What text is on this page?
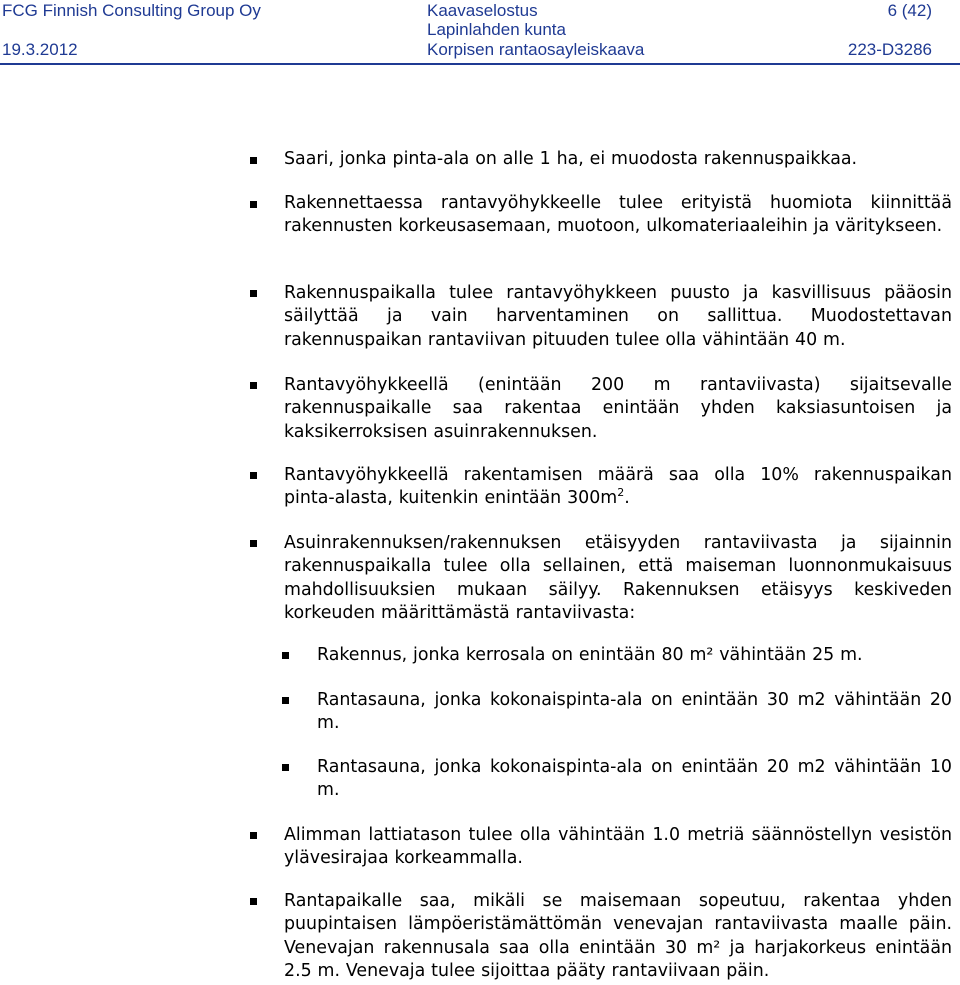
FCG Finnish Consulting Group Oy
19.3.2012
Kaavaselostus
Lapinlahden kunta
Korpisen rantaosayleiskaava
6 (42)
223-D3286
Saari, jonka pinta-ala on alle 1 ha, ei muodosta rakennuspaikkaa.
Rakennettaessa rantavyöhykkeelle tulee erityistä huomiota kiinnittää rakennusten korkeusasemaan, muotoon, ulkomateriaaleihin ja väritykseen.
Rakennuspaikalla tulee rantavyöhykkeen puusto ja kasvillisuus pääosin säilyttää ja vain harventaminen on sallittua. Muodostettavan rakennuspaikan rantaviivan pituuden tulee olla vähintään 40 m.
Rantavyöhykkeellä (enintään 200 m rantaviivasta) sijaitsevalle rakennuspaikalle saa rakentaa enintään yhden kaksiasuntoisen ja kaksikerroksisen asuinrakennuksen.
Rantavyöhykkeellä rakentamisen määrä saa olla 10% rakennuspaikan pinta-alasta, kuitenkin enintään $300m^2$.
Asuinrakennuksen/rakennuksen etäisyyden rantaviivasta ja sijainnin rakennuspaikalla tulee olla sellainen, että maiseman luonnonmukaisuus mahdollisuuksien mukaan säilyy. Rakennuksen etäisyys keskiveden korkeuden määrittämästä rantaviivasta:
Rakennus, jonka kerrosala on enintään 80 m² vähintään 25 m.
Rantasauna, jonka kokonaispinta-ala on enintään 30 m2 vähintään 20 m.
Rantasauna, jonka kokonaispinta-ala on enintään 20 m2 vähintään 10 m.
Alimman lattiatason tulee olla vähintään 1.0 metriä säännöstellyn vesistön ylävesirajaa korkeammalla.
Rantapaikalle saa, mikäli se maisemaan sopeutuu, rakentaa yhden puupintaisen lämpöeristämättömän venevajan rantaviivasta maalle päin. Venevajan rakennusala saa olla enintään 30 m² ja harjakorkeus enintään 2.5 m. Venevaja tulee sijoittaa pääty rantaviivaan päin.
